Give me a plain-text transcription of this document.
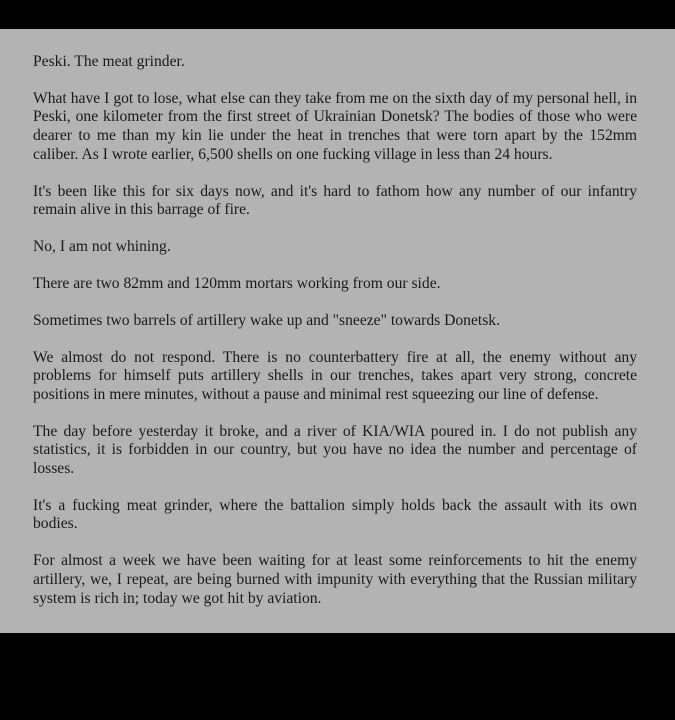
Peski. The meat grinder.

What have I got to lose, what else can they take from me on the sixth day of my personal hell, in Peski, one kilometer from the first street of Ukrainian Donetsk? The bodies of those who were dearer to me than my kin lie under the heat in trenches that were torn apart by the 152mm caliber. As I wrote earlier, 6,500 shells on one fucking village in less than 24 hours.

It's been like this for six days now, and it's hard to fathom how any number of our infantry remain alive in this barrage of fire.

No, I am not whining.

There are two 82mm and 120mm mortars working from our side.

Sometimes two barrels of artillery wake up and "sneeze" towards Donetsk.

We almost do not respond. There is no counterbattery fire at all, the enemy without any problems for himself puts artillery shells in our trenches, takes apart very strong, concrete positions in mere minutes, without a pause and minimal rest squeezing our line of defense.

The day before yesterday it broke, and a river of KIA/WIA poured in. I do not publish any statistics, it is forbidden in our country, but you have no idea the number and percentage of losses.

It's a fucking meat grinder, where the battalion simply holds back the assault with its own bodies.

For almost a week we have been waiting for at least some reinforcements to hit the enemy artillery, we, I repeat, are being burned with impunity with everything that the Russian military system is rich in; today we got hit by aviation.
